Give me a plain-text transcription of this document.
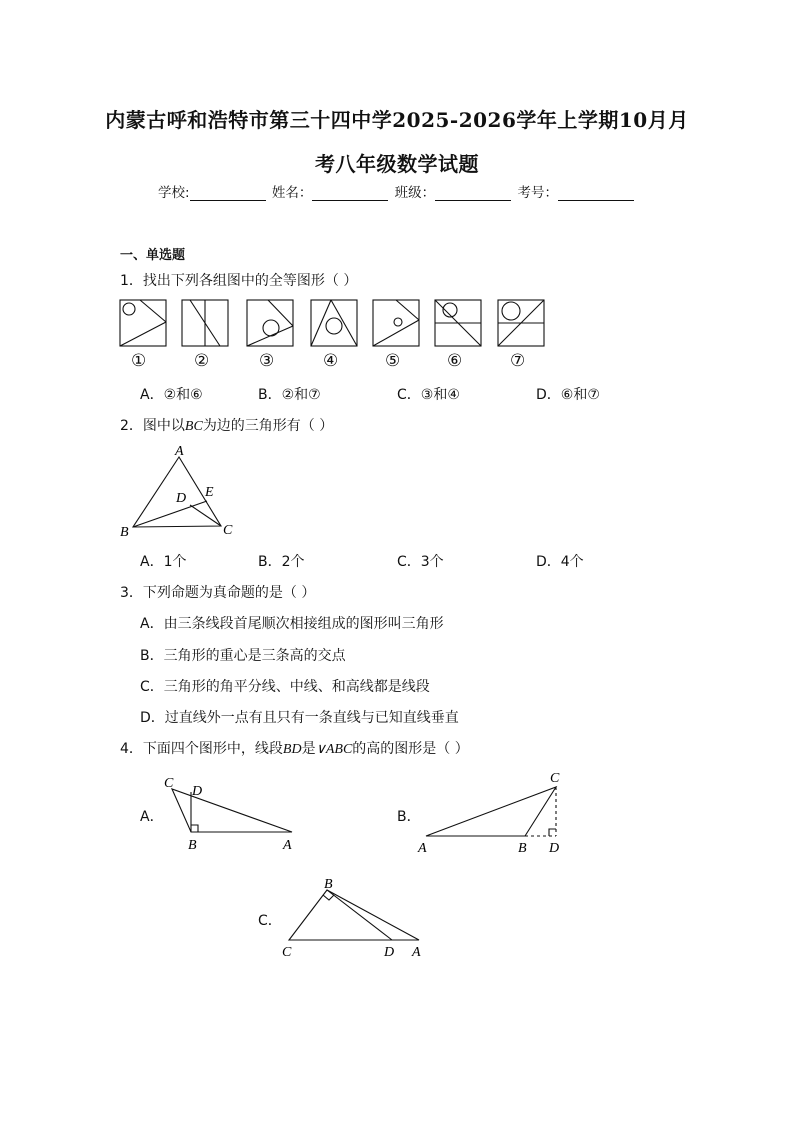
内蒙古呼和浩特市第三十四中学2025-2026学年上学期10月月
考八年级数学试题
学校:	姓名：	班级：	考号：
一、单选题
1．找出下列各组图中的全等图形（ ）
①	②	③	④	⑤	⑥	⑦
A．②和⑥	B．②和⑦	C．③和④	D．⑥和⑦
2．图中以BC为边的三角形有（ ）
A
B	C
D E
A．1个	B．2个	C．3个	D．4个
3．下列命题为真命题的是（ ）
A．由三条线段首尾顺次相接组成的图形叫三角形
B．三角形的重心是三条高的交点
C．三角形的角平分线、中线、和高线都是线段
D．过直线外一点有且只有一条直线与已知直线垂直
4．下面四个图形中，线段BD是∨ABC的高的图形是（ ）
A．
C
D
B	A
B．
C
A	B D
C．
B
C	D A
